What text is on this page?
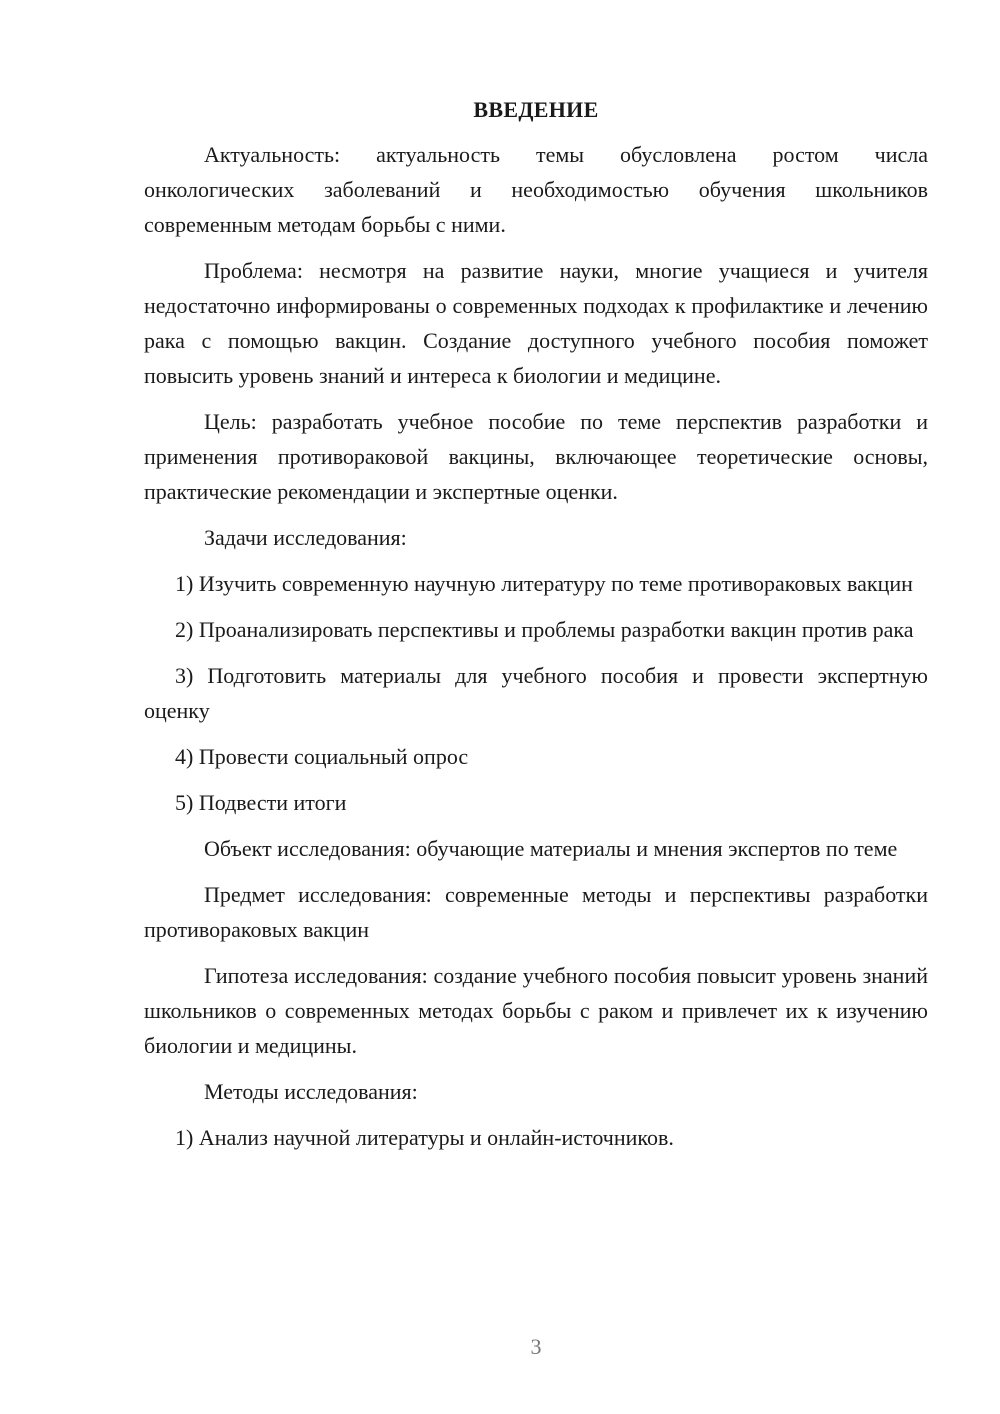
ВВЕДЕНИЕ

Актуальность: актуальность темы обусловлена ростом числа онкологических заболеваний и необходимостью обучения школьников современным методам борьбы с ними.

Проблема: несмотря на развитие науки, многие учащиеся и учителя недостаточно информированы о современных подходах к профилактике и лечению рака с помощью вакцин. Создание доступного учебного пособия поможет повысить уровень знаний и интереса к биологии и медицине.

Цель: разработать учебное пособие по теме перспектив разработки и применения противораковой вакцины, включающее теоретические основы, практические рекомендации и экспертные оценки.

Задачи исследования:

1) Изучить современную научную литературу по теме противораковых вакцин

2) Проанализировать перспективы и проблемы разработки вакцин против рака

3) Подготовить материалы для учебного пособия и провести экспертную оценку

4) Провести социальный опрос

5) Подвести итоги

Объект исследования: обучающие материалы и мнения экспертов по теме

Предмет исследования: современные методы и перспективы разработки противораковых вакцин

Гипотеза исследования: создание учебного пособия повысит уровень знаний школьников о современных методах борьбы с раком и привлечет их к изучению биологии и медицины.

Методы исследования:

1) Анализ научной литературы и онлайн-источников.

3
